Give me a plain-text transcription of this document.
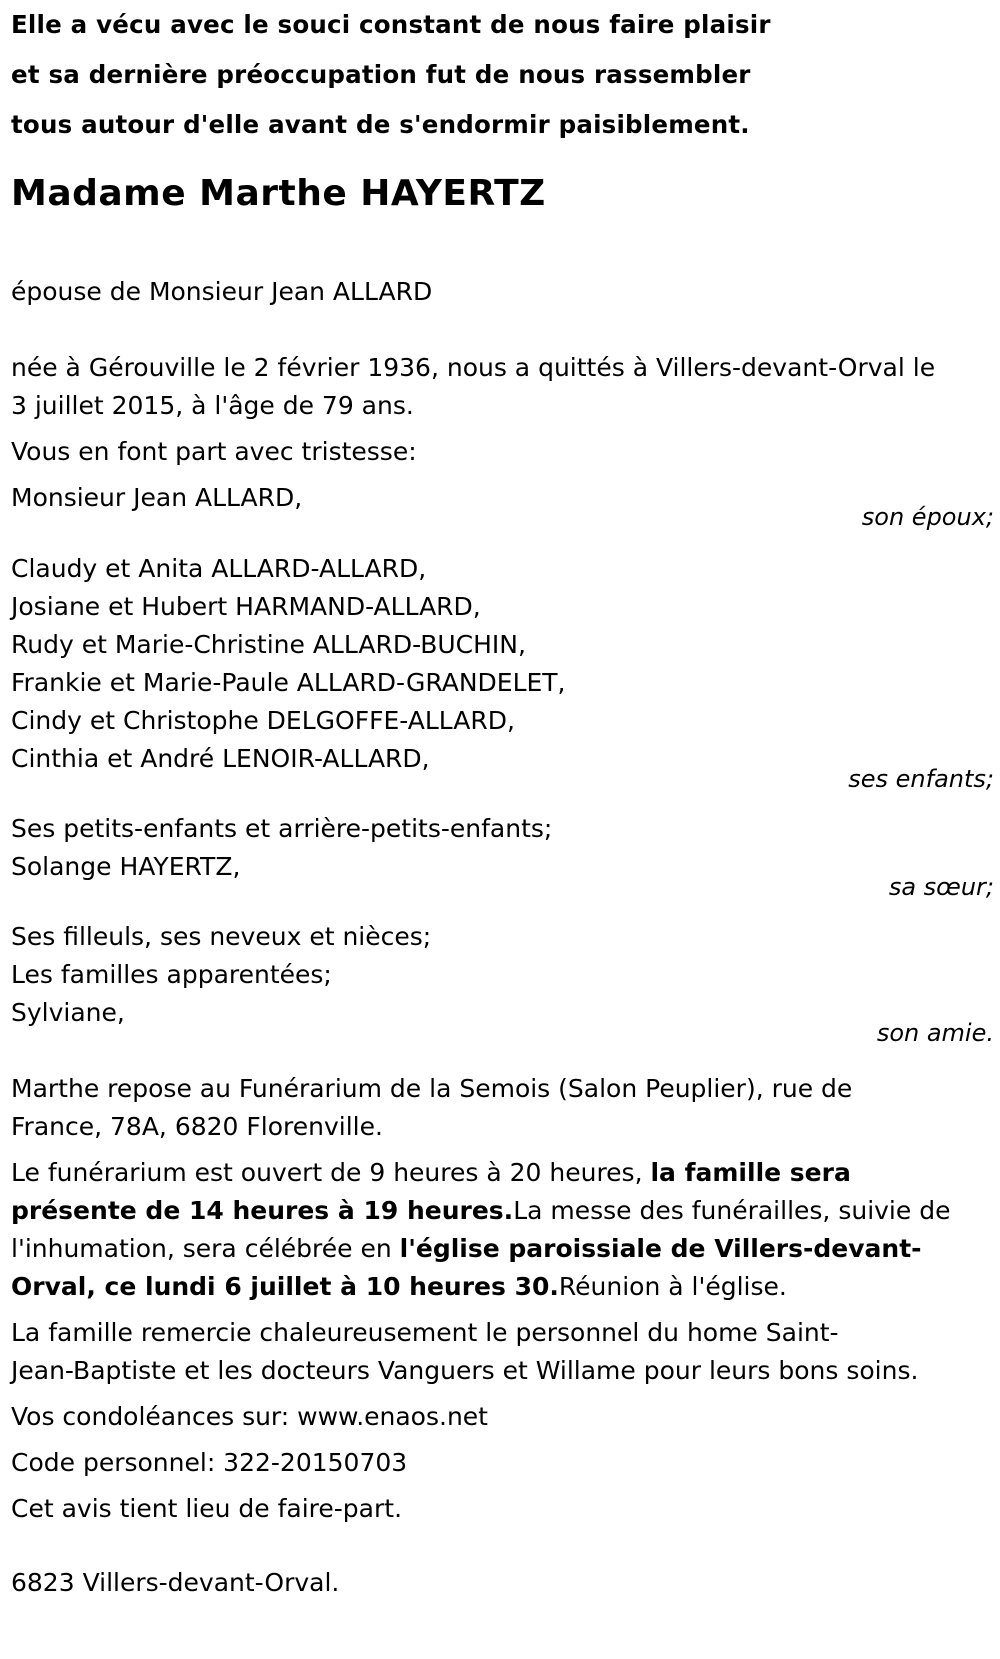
Elle a vécu avec le souci constant de nous faire plaisir
et sa dernière préoccupation fut de nous rassembler
tous autour d'elle avant de s'endormir paisiblement.
Madame Marthe HAYERTZ
épouse de Monsieur Jean ALLARD
née à Gérouville le 2 février 1936, nous a quittés à Villers-devant-Orval le
3 juillet 2015, à l'âge de 79 ans.
Vous en font part avec tristesse:
Monsieur Jean ALLARD,
son époux;
Claudy et Anita ALLARD-ALLARD,
Josiane et Hubert HARMAND-ALLARD,
Rudy et Marie-Christine ALLARD-BUCHIN,
Frankie et Marie-Paule ALLARD-GRANDELET,
Cindy et Christophe DELGOFFE-ALLARD,
Cinthia et André LENOIR-ALLARD,
ses enfants;
Ses petits-enfants et arrière-petits-enfants;
Solange HAYERTZ,
sa sœur;
Ses filleuls, ses neveux et nièces;
Les familles apparentées;
Sylviane,
son amie.
Marthe repose au Funérarium de la Semois (Salon Peuplier), rue de
France, 78A, 6820 Florenville.
Le funérarium est ouvert de 9 heures à 20 heures, la famille sera
présente de 14 heures à 19 heures.La messe des funérailles, suivie de
l'inhumation, sera célébrée en l'église paroissiale de Villers-devant-
Orval, ce lundi 6 juillet à 10 heures 30.Réunion à l'église.
La famille remercie chaleureusement le personnel du home Saint-
Jean-Baptiste et les docteurs Vanguers et Willame pour leurs bons soins.
Vos condoléances sur: www.enaos.net
Code personnel: 322-20150703
Cet avis tient lieu de faire-part.
6823 Villers-devant-Orval.
